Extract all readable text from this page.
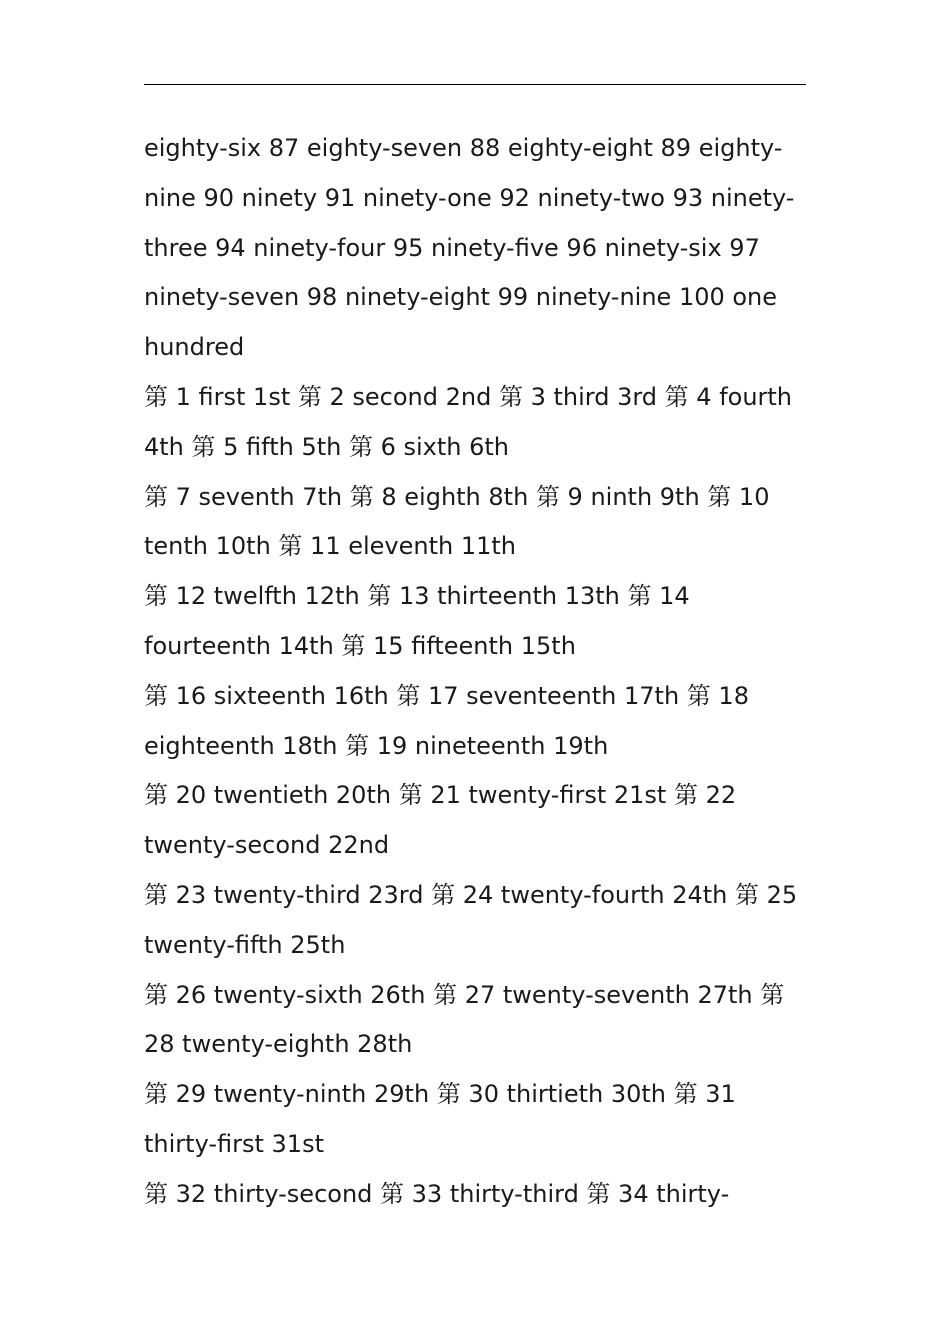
eighty-six 87 eighty-seven 88 eighty-eight 89 eighty-
nine 90 ninety 91 ninety-one 92 ninety-two 93 ninety-
three 94 ninety-four 95 ninety-five 96 ninety-six 97
ninety-seven 98 ninety-eight 99 ninety-nine 100 one
hundred
第 1 first 1st 第 2 second 2nd 第 3 third 3rd 第 4 fourth
4th 第 5 fifth 5th 第 6 sixth 6th
第 7 seventh 7th 第 8 eighth 8th 第 9 ninth 9th 第 10
tenth 10th 第 11 eleventh 11th
第 12 twelfth 12th 第 13 thirteenth 13th 第 14
fourteenth 14th 第 15 fifteenth 15th
第 16 sixteenth 16th 第 17 seventeenth 17th 第 18
eighteenth 18th 第 19 nineteenth 19th
第 20 twentieth 20th 第 21 twenty-first 21st 第 22
twenty-second 22nd
第 23 twenty-third 23rd 第 24 twenty-fourth 24th 第 25
twenty-fifth 25th
第 26 twenty-sixth 26th 第 27 twenty-seventh 27th 第
28 twenty-eighth 28th
第 29 twenty-ninth 29th 第 30 thirtieth 30th 第 31
thirty-first 31st
第 32 thirty-second 第 33 thirty-third 第 34 thirty-
